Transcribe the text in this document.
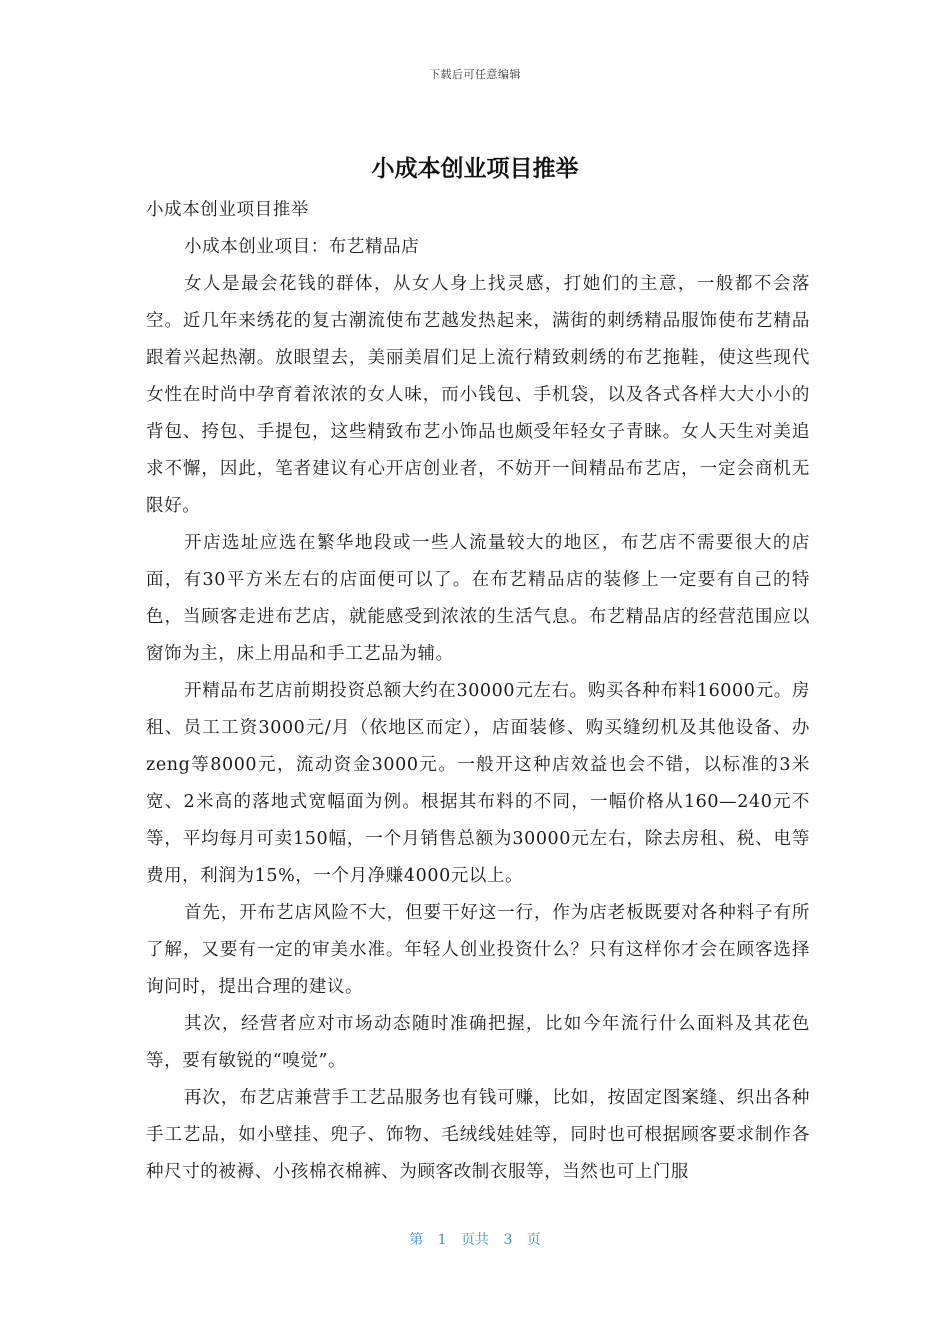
下载后可任意编辑
小成本创业项目推举

小成本创业项目推举

小成本创业项目：布艺精品店

女人是最会花钱的群体，从女人身上找灵感，打她们的主意，一般都不会落空。近几年来绣花的复古潮流使布艺越发热起来，满街的刺绣精品服饰使布艺精品跟着兴起热潮。放眼望去，美丽美眉们足上流行精致刺绣的布艺拖鞋，使这些现代女性在时尚中孕育着浓浓的女人味，而小钱包、手机袋，以及各式各样大大小小的背包、挎包、手提包，这些精致布艺小饰品也颇受年轻女子青睐。女人天生对美追求不懈，因此，笔者建议有心开店创业者，不妨开一间精品布艺店，一定会商机无限好。

开店选址应选在繁华地段或一些人流量较大的地区，布艺店不需要很大的店面，有30平方米左右的店面便可以了。在布艺精品店的装修上一定要有自己的特色，当顾客走进布艺店，就能感受到浓浓的生活气息。布艺精品店的经营范围应以窗饰为主，床上用品和手工艺品为辅。

开精品布艺店前期投资总额大约在30000元左右。购买各种布料16000元。房租、员工工资3000元/月（依地区而定），店面装修、购买缝纫机及其他设备、办zeng等8000元，流动资金3000元。一般开这种店效益也会不错，以标准的3米宽、2米高的落地式宽幅面为例。根据其布料的不同，一幅价格从160—240元不等，平均每月可卖150幅，一个月销售总额为30000元左右，除去房租、税、电等费用，利润为15%，一个月净赚4000元以上。

首先，开布艺店风险不大，但要干好这一行，作为店老板既要对各种料子有所了解，又要有一定的审美水准。年轻人创业投资什么？只有这样你才会在顾客选择询问时，提出合理的建议。

其次，经营者应对市场动态随时准确把握，比如今年流行什么面料及其花色等，要有敏锐的“嗅觉”。

再次，布艺店兼营手工艺品服务也有钱可赚，比如，按固定图案缝、织出各种手工艺品，如小壁挂、兜子、饰物、毛绒线娃娃等，同时也可根据顾客要求制作各种尺寸的被褥、小孩棉衣棉裤、为顾客改制衣服等，当然也可上门服

第 1 页共 3 页
